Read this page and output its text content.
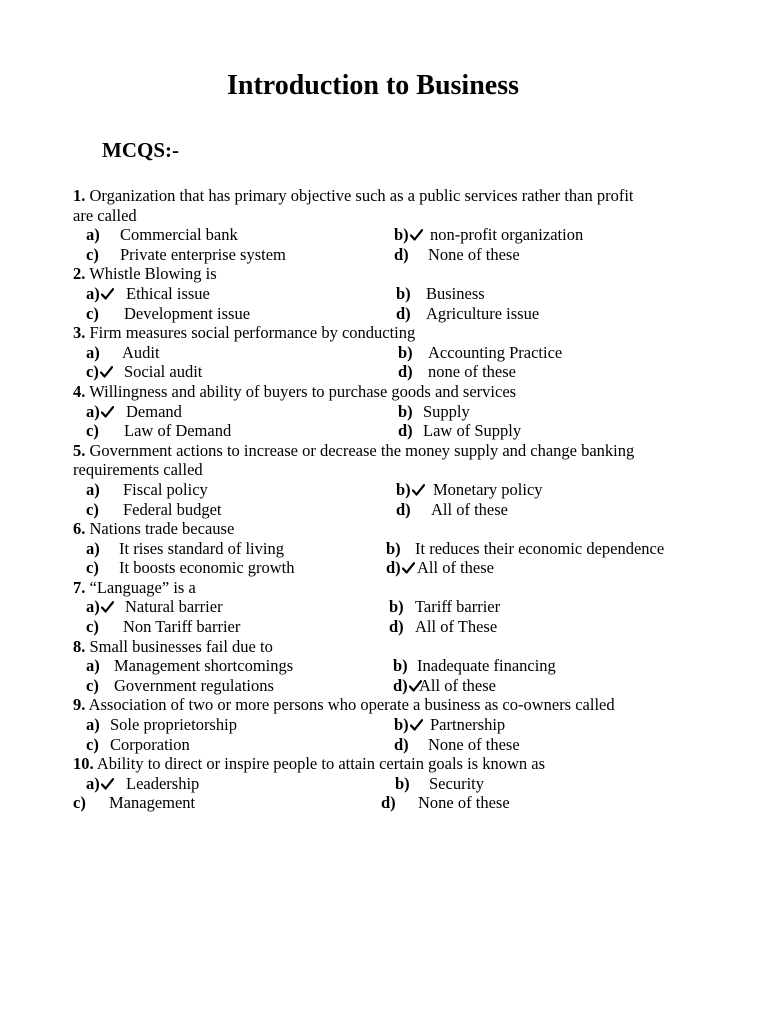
Introduction to Business
MCQS:-
1. Organization that has primary objective such as a public services rather than profit
are called
a) Commercial bank	b) non-profit organization
c) Private enterprise system	d) None of these
2. Whistle Blowing is
a) Ethical issue	b) Business
c) Development issue	d) Agriculture issue
3. Firm measures social performance by conducting
a) Audit	b) Accounting Practice
c) Social audit	d) none of these
4. Willingness and ability of buyers to purchase goods and services
a) Demand	b) Supply
c) Law of Demand	d) Law of Supply
5. Government actions to increase or decrease the money supply and change banking
requirements called
a) Fiscal policy	b) Monetary policy
c) Federal budget	d) All of these
6. Nations trade because
a) It rises standard of living	b) It reduces their economic dependence
c) It boosts economic growth	d) All of these
7. “Language” is a
a) Natural barrier	b) Tariff barrier
c) Non Tariff barrier	d) All of These
8. Small businesses fail due to
a) Management shortcomings	b) Inadequate financing
c) Government regulations	d) All of these
9. Association of two or more persons who operate a business as co-owners called
a) Sole proprietorship	b) Partnership
c) Corporation	d) None of these
10. Ability to direct or inspire people to attain certain goals is known as
a) Leadership	b) Security
c) Management	d) None of these
